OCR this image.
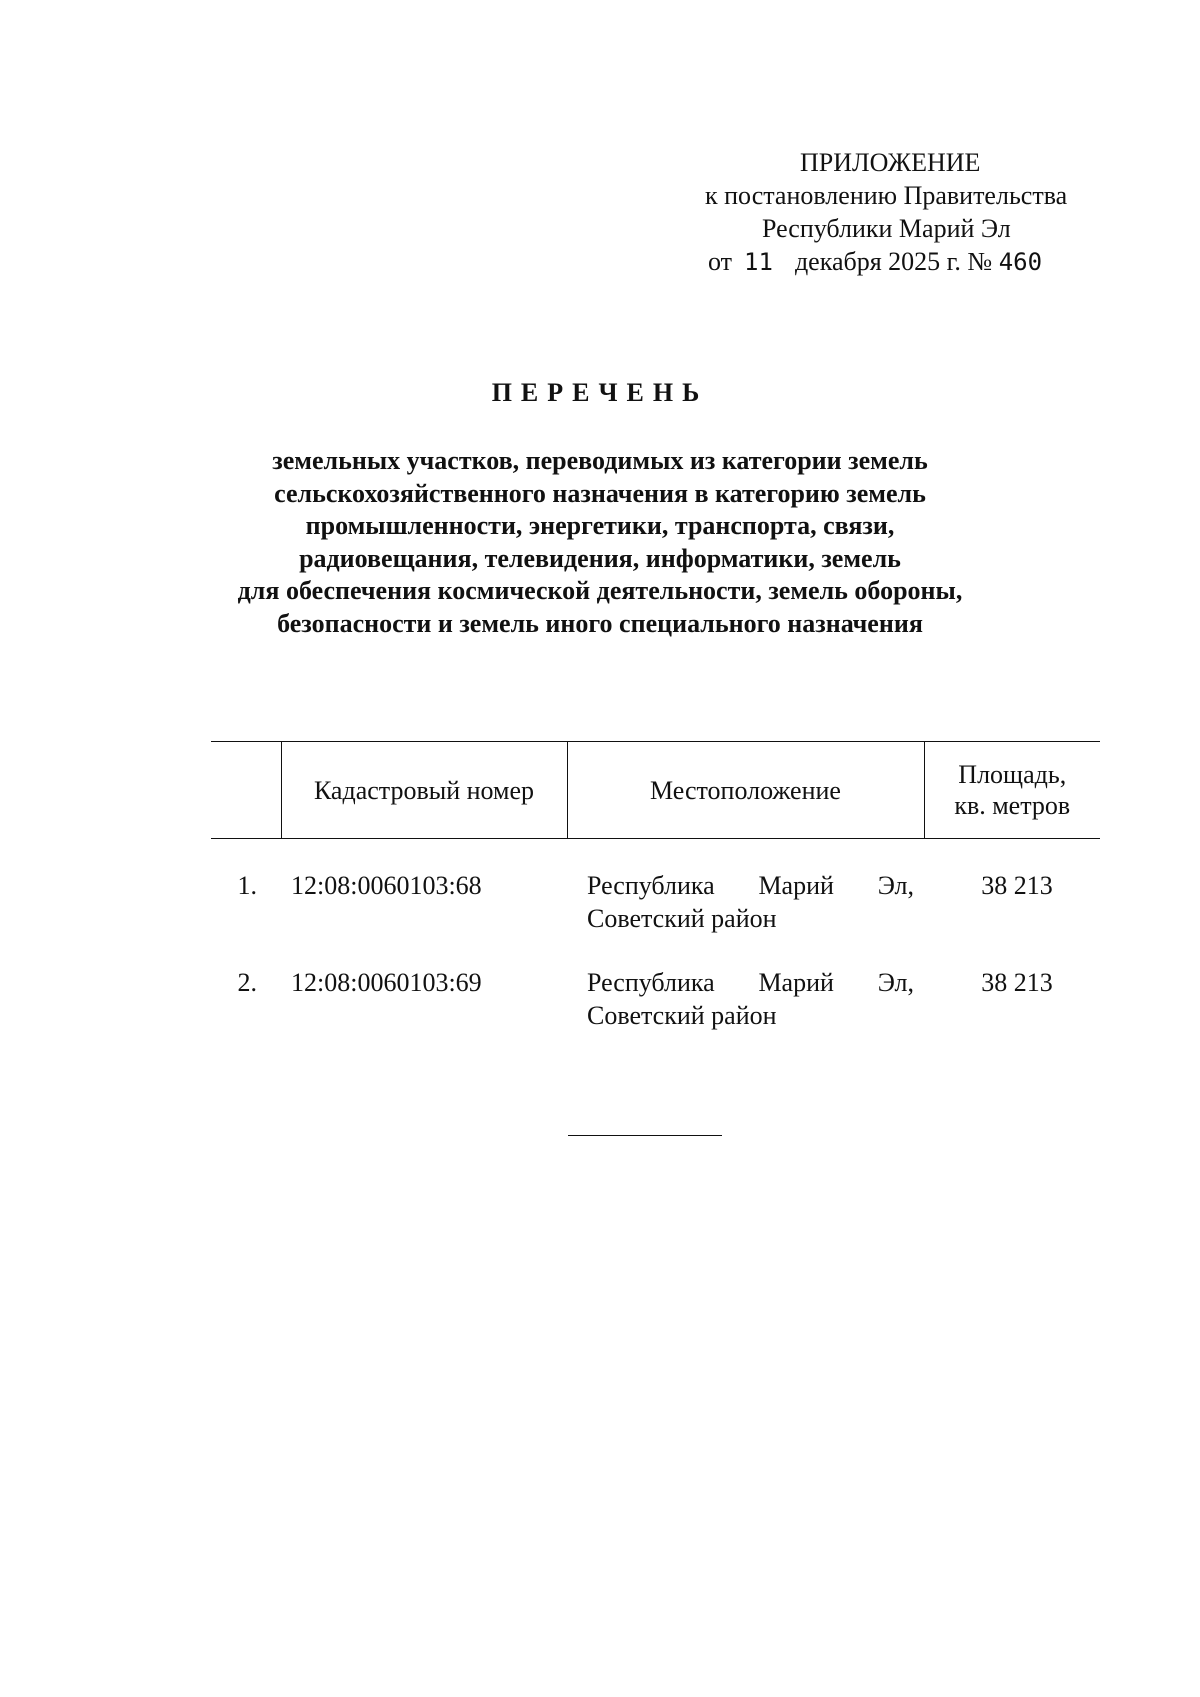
ПРИЛОЖЕНИЕ
к постановлению Правительства
Республики Марий Эл
от 11 декабря 2025 г. № 460
ПЕРЕЧЕНЬ
земельных участков, переводимых из категории земель
сельскохозяйственного назначения в категорию земель
промышленности, энергетики, транспорта, связи,
радиовещания, телевидения, информатики, земель
для обеспечения космической деятельности, земель обороны,
безопасности и земель иного специального назначения
	Кадастровый номер	Местоположение	Площадь,
кв. метров

1.	12:08:0060103:68	Республика Марий Эл,
Советский район	38 213
2.	12:08:0060103:69	Республика Марий Эл,
Советский район	38 213
